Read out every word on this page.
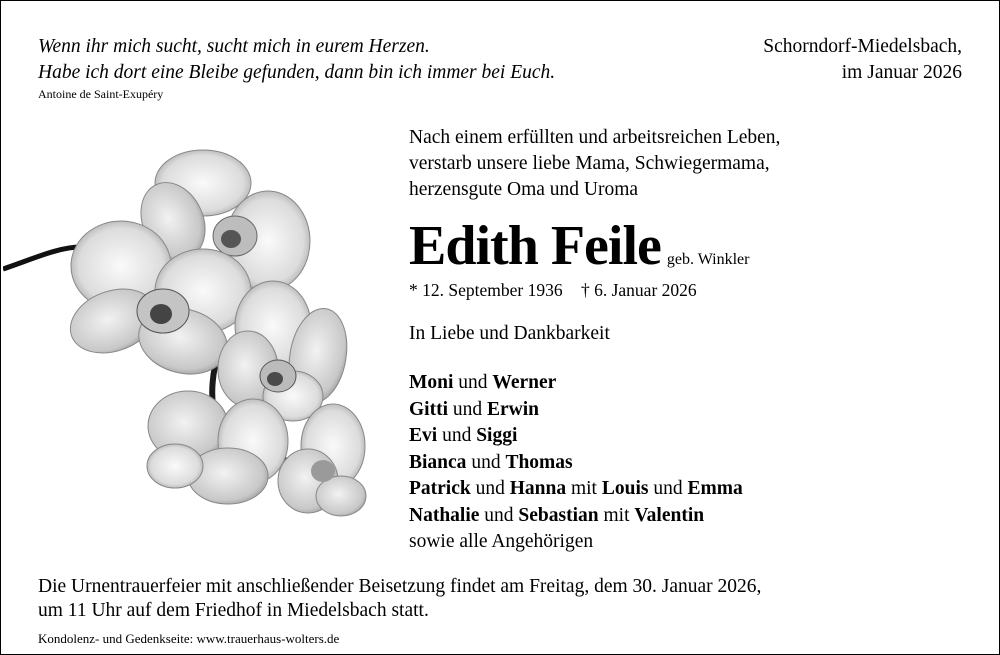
Wenn ihr mich sucht, sucht mich in eurem Herzen.
Habe ich dort eine Bleibe gefunden, dann bin ich immer bei Euch.
Antoine de Saint-Exupéry
Schorndorf-Miedelsbach,
im Januar 2026
Nach einem erfüllten und arbeitsreichen Leben,
verstarb unsere liebe Mama, Schwiegermama,
herzensgute Oma und Uroma
Edith Feile geb. Winkler
* 12. September 1936 † 6. Januar 2026
In Liebe und Dankbarkeit
Moni und Werner
Gitti und Erwin
Evi und Siggi
Bianca und Thomas
Patrick und Hanna mit Louis und Emma
Nathalie und Sebastian mit Valentin
sowie alle Angehörigen
Die Urnentrauerfeier mit anschließender Beisetzung findet am Freitag, dem 30. Januar 2026,
um 11 Uhr auf dem Friedhof in Miedelsbach statt.
Kondolenz- und Gedenkseite: www.trauerhaus-wolters.de
